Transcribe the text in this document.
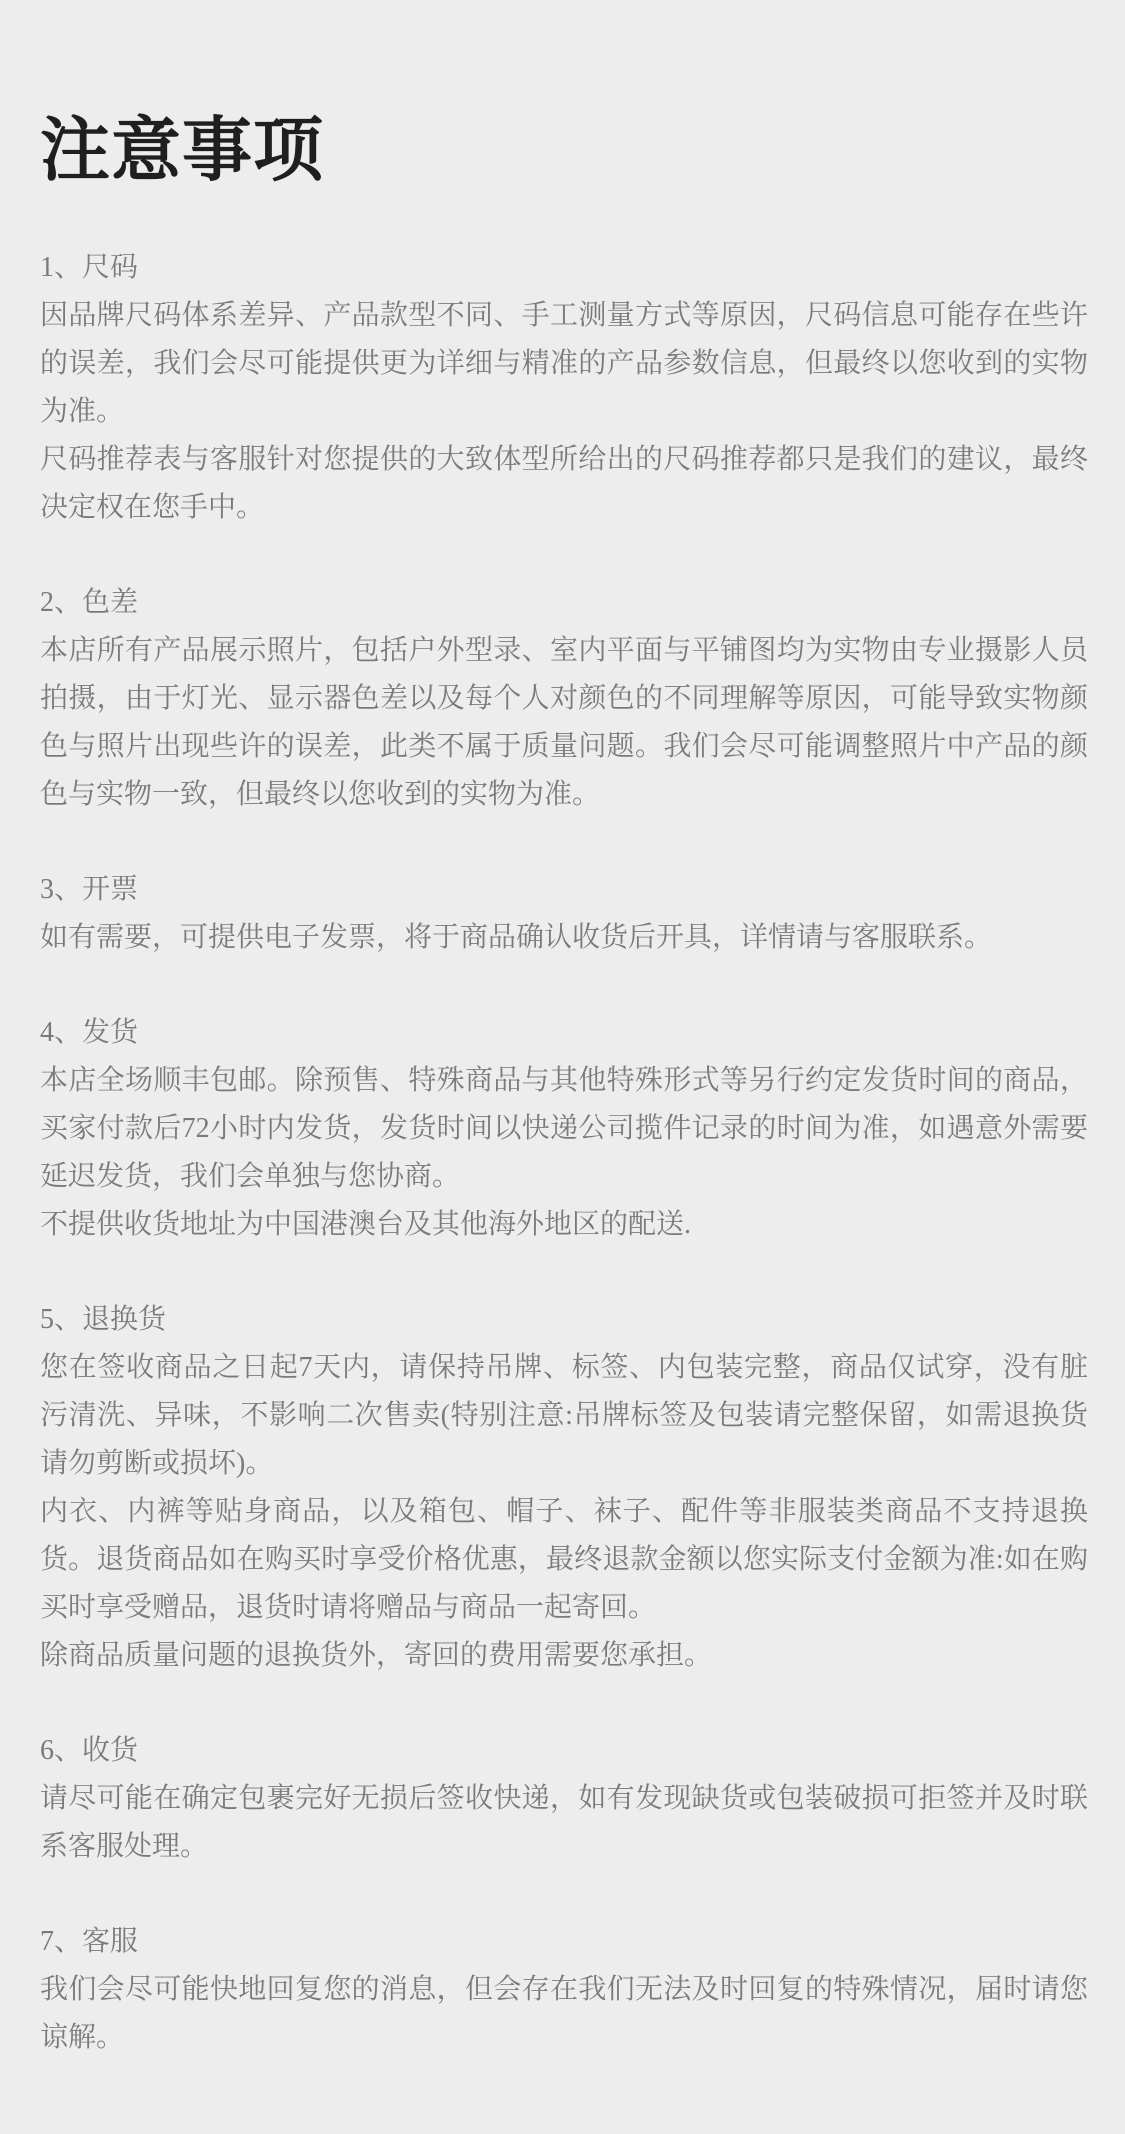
注意事项

1、尺码

因品牌尺码体系差异、产品款型不同、手工测量方式等原因，尺码信息可能存在些许的误差，我们会尽可能提供更为详细与精准的产品参数信息，但最终以您收到的实物为准。

尺码推荐表与客服针对您提供的大致体型所给出的尺码推荐都只是我们的建议，最终决定权在您手中。

2、色差

本店所有产品展示照片，包括户外型录、室内平面与平铺图均为实物由专业摄影人员拍摄，由于灯光、显示器色差以及每个人对颜色的不同理解等原因，可能导致实物颜色与照片出现些许的误差，此类不属于质量问题。我们会尽可能调整照片中产品的颜色与实物一致，但最终以您收到的实物为准。

3、开票

如有需要，可提供电子发票，将于商品确认收货后开具，详情请与客服联系。

4、发货

本店全场顺丰包邮。除预售、特殊商品与其他特殊形式等另行约定发货时间的商品，买家付款后72小时内发货，发货时间以快递公司揽件记录的时间为准，如遇意外需要延迟发货，我们会单独与您协商。

不提供收货地址为中国港澳台及其他海外地区的配送.

5、退换货

您在签收商品之日起7天内，请保持吊牌、标签、内包装完整，商品仅试穿，没有脏污清洗、异味，不影响二次售卖(特别注意:吊牌标签及包装请完整保留，如需退换货请勿剪断或损坏)。

内衣、内裤等贴身商品，以及箱包、帽子、袜子、配件等非服装类商品不支持退换货。退货商品如在购买时享受价格优惠，最终退款金额以您实际支付金额为准:如在购买时享受赠品，退货时请将赠品与商品一起寄回。

除商品质量问题的退换货外，寄回的费用需要您承担。

6、收货

请尽可能在确定包裹完好无损后签收快递，如有发现缺货或包装破损可拒签并及时联系客服处理。

7、客服

我们会尽可能快地回复您的消息，但会存在我们无法及时回复的特殊情况，届时请您谅解。
